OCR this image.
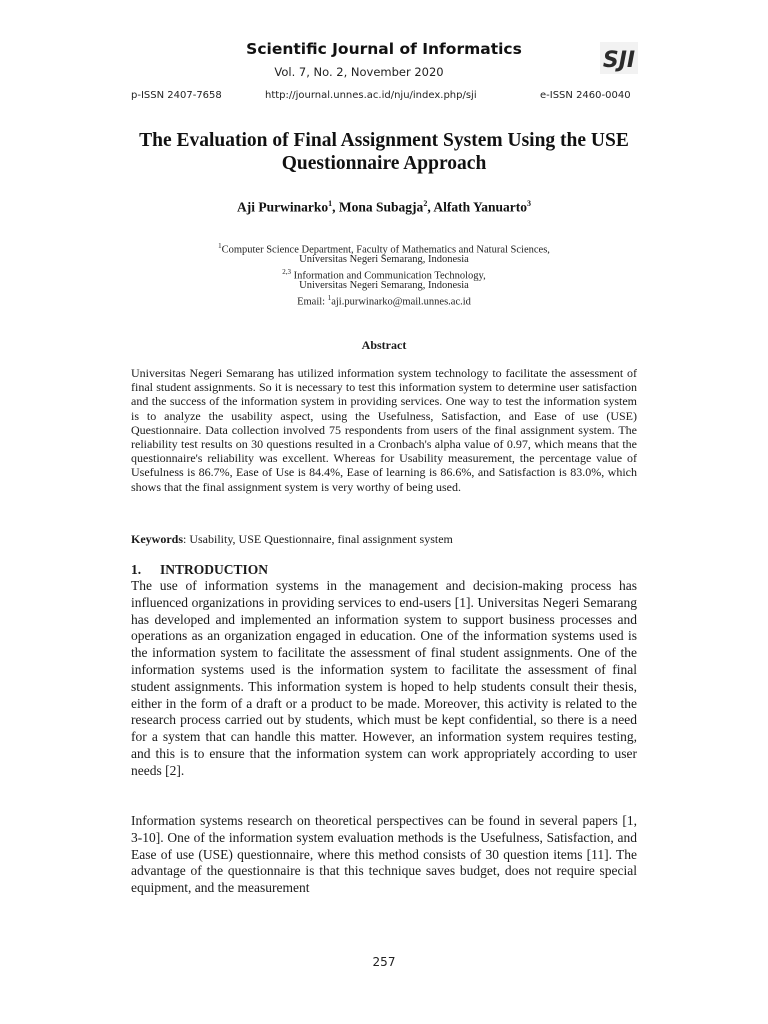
Scientific Journal of Informatics
Vol. 7, No. 2, November 2020	SJI
p-ISSN 2407-7658	http://journal.unnes.ac.id/nju/index.php/sji	e-ISSN 2460-0040
The Evaluation of Final Assignment System Using the USE Questionnaire Approach
Aji Purwinarko$^1$, Mona Subagja$^2$, Alfath Yanuarto$^3$
$^1$Computer Science Department, Faculty of Mathematics and Natural Sciences,
Universitas Negeri Semarang, Indonesia
$^{2,3}$ Information and Communication Technology,
Universitas Negeri Semarang, Indonesia
Email: $^1$aji.purwinarko@mail.unnes.ac.id
Abstract
Universitas Negeri Semarang has utilized information system technology to facilitate the assessment of final student assignments. So it is necessary to test this information system to determine user satisfaction and the success of the information system in providing services. One way to test the information system is to analyze the usability aspect, using the Usefulness, Satisfaction, and Ease of use (USE) Questionnaire. Data collection involved 75 respondents from users of the final assignment system. The reliability test results on 30 questions resulted in a Cronbach's alpha value of 0.97, which means that the questionnaire's reliability was excellent. Whereas for Usability measurement, the percentage value of Usefulness is 86.7%, Ease of Use is 84.4%, Ease of learning is 86.6%, and Satisfaction is 83.0%, which shows that the final assignment system is very worthy of being used.
Keywords: Usability, USE Questionnaire, final assignment system
1. INTRODUCTION
The use of information systems in the management and decision-making process has influenced organizations in providing services to end-users [1]. Universitas Negeri Semarang has developed and implemented an information system to support business processes and operations as an organization engaged in education. One of the information systems used is the information system to facilitate the assessment of final student assignments. One of the information systems used is the information system to facilitate the assessment of final student assignments. This information system is hoped to help students consult their thesis, either in the form of a draft or a product to be made. Moreover, this activity is related to the research process carried out by students, which must be kept confidential, so there is a need for a system that can handle this matter. However, an information system requires testing, and this is to ensure that the information system can work appropriately according to user needs [2].
Information systems research on theoretical perspectives can be found in several papers [1, 3-10]. One of the information system evaluation methods is the Usefulness, Satisfaction, and Ease of use (USE) questionnaire, where this method consists of 30 question items [11]. The advantage of the questionnaire is that this technique saves budget, does not require special equipment, and the measurement
257
